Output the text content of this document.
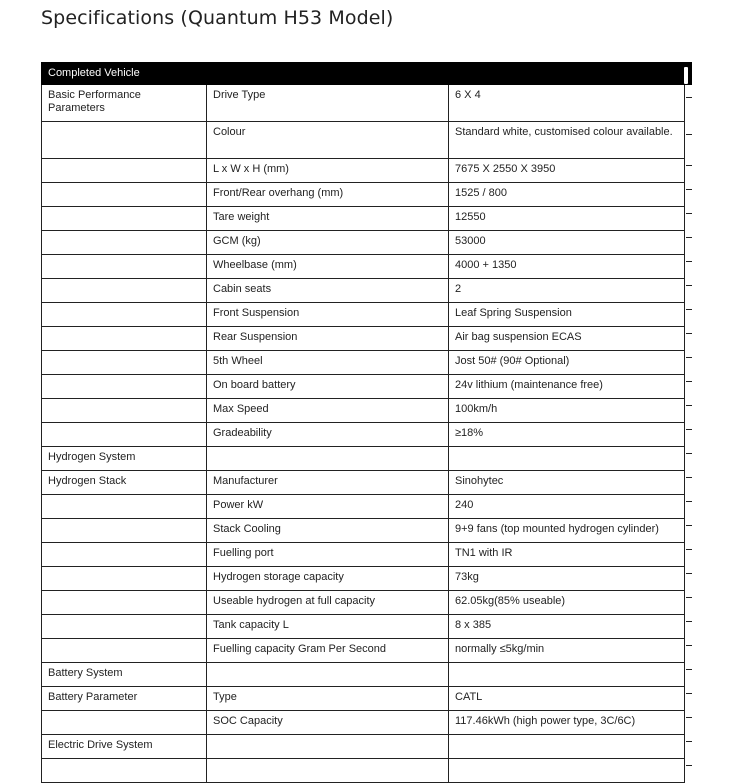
Specifications (Quantum H53 Model)
Completed Vehicle
Basic Performance Parameters	Drive Type	6 X 4
	Colour	Standard white, customised colour available.
	L x W x H (mm)	7675 X 2550 X 3950
	Front/Rear overhang (mm)	1525 / 800
	Tare weight	12550
	GCM (kg)	53000
	Wheelbase (mm)	4000 + 1350
	Cabin seats	2
	Front Suspension	Leaf Spring Suspension
	Rear Suspension	Air bag suspension ECAS
	5th Wheel	Jost 50# (90# Optional)
	On board battery	24v lithium (maintenance free)
	Max Speed	100km/h
	Gradeability	≥18%
Hydrogen System		
Hydrogen Stack	Manufacturer	Sinohytec
	Power kW	240
	Stack Cooling	9+9 fans (top mounted hydrogen cylinder)
	Fuelling port	TN1 with IR
	Hydrogen storage capacity	73kg
	Useable hydrogen at full capacity	62.05kg(85% useable)
	Tank capacity L	8 x 385
	Fuelling capacity Gram Per Second	normally ≤5kg/min
Battery System		
Battery Parameter	Type	CATL
	SOC Capacity	117.46kWh (high power type, 3C/6C)
Electric Drive System		
